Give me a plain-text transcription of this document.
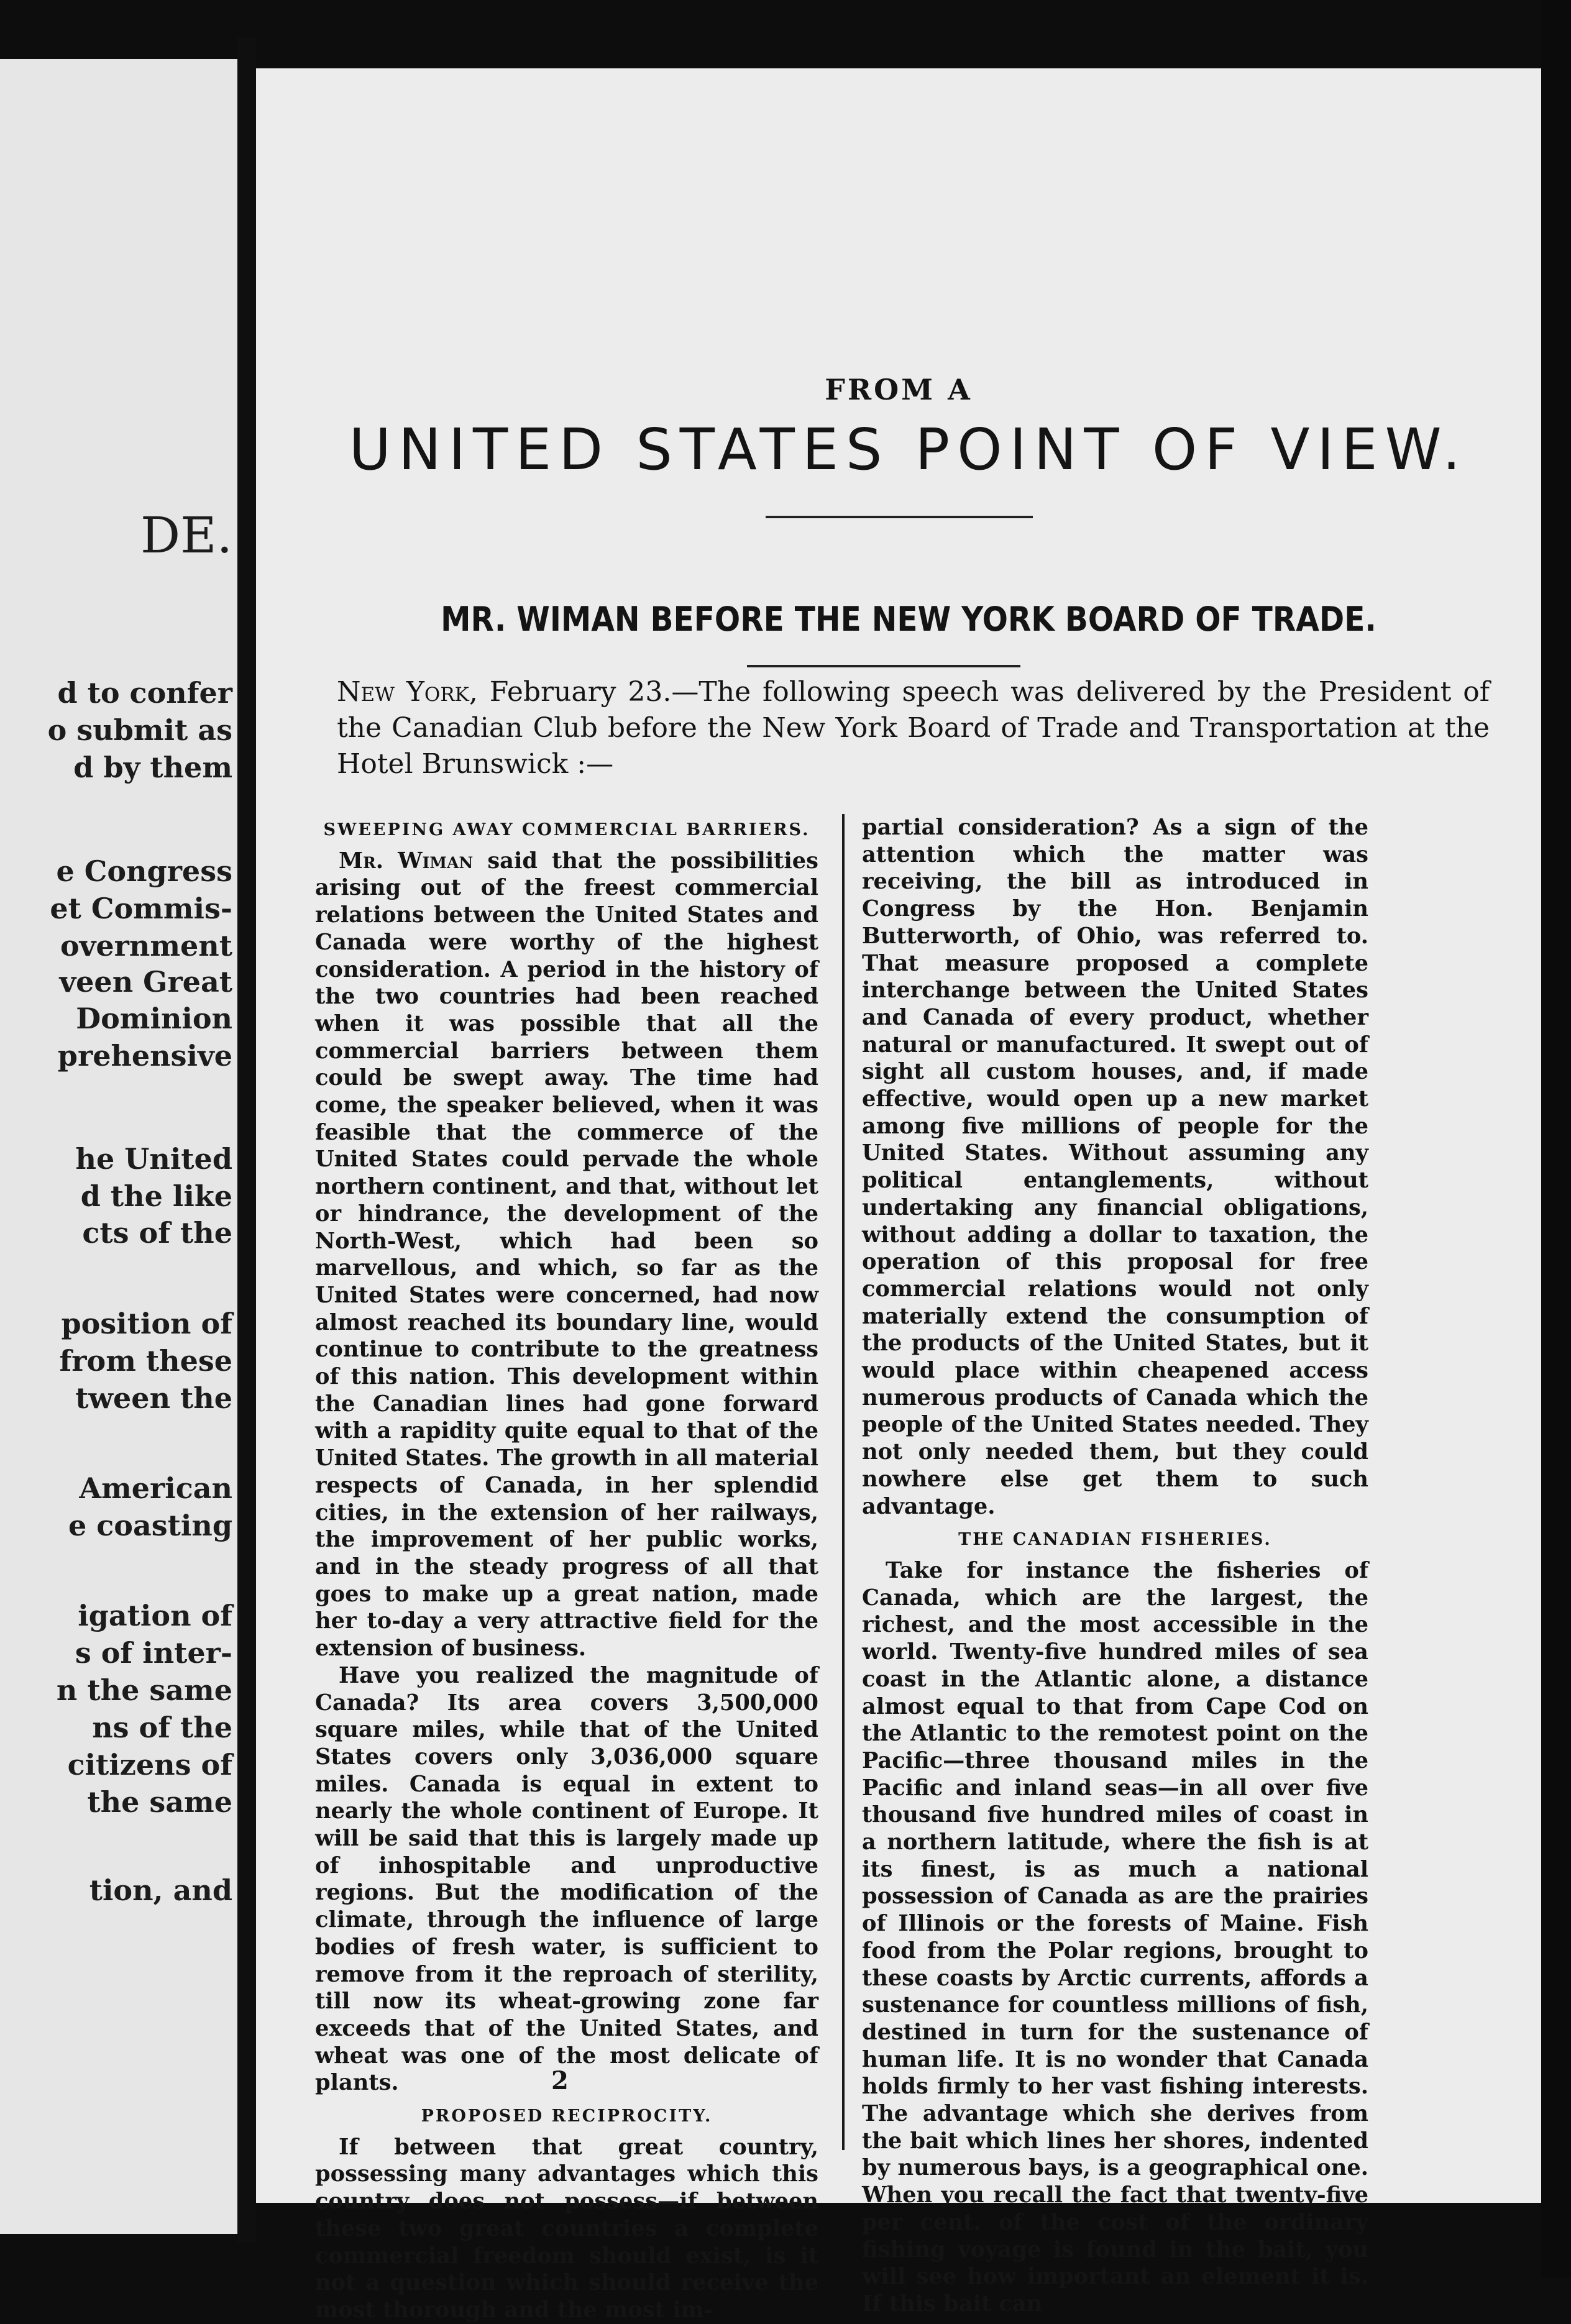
DE.
d to confer
o submit as
d by them
e Congress
et Commis-
overnment
veen Great
Dominion
prehensive
he United
d the like
cts of the
position of
from these
tween the
American
e coasting
igation of
s of inter-
n the same
ns of the
citizens of
the same
tion, and
FROM A
UNITED STATES POINT OF VIEW.
MR. WIMAN BEFORE THE NEW YORK BOARD OF TRADE.
New York, February 23.—The following speech was delivered by the President of the Canadian Club before the New York Board of Trade and Transportation at the Hotel Brunswick :—

SWEEPING AWAY COMMERCIAL BARRIERS.

Mr. Wiman said that the possibilities arising out of the freest commercial relations between the United States and Canada were worthy of the highest consideration. A period in the history of the two countries had been reached when it was possible that all the commercial barriers between them could be swept away. The time had come, the speaker believed, when it was feasible that the commerce of the United States could pervade the whole northern continent, and that, without let or hindrance, the development of the North-West, which had been so marvellous, and which, so far as the United States were concerned, had now almost reached its boundary line, would continue to contribute to the greatness of this nation. This development within the Canadian lines had gone forward with a rapidity quite equal to that of the United States. The growth in all material respects of Canada, in her splendid cities, in the extension of her railways, the improvement of her public works, and in the steady progress of all that goes to make up a great nation, made her to-day a very attractive field for the extension of business.

Have you realized the magnitude of Canada? Its area covers 3,500,000 square miles, while that of the United States covers only 3,036,000 square miles. Canada is equal in extent to nearly the whole continent of Europe. It will be said that this is largely made up of inhospitable and unproductive regions. But the modification of the climate, through the influence of large bodies of fresh water, is sufficient to remove from it the reproach of sterility, till now its wheat-growing zone far exceeds that of the United States, and wheat was one of the most delicate of plants.

PROPOSED RECIPROCITY.

If between that great country, possessing many advantages which this country does not possess—if between these two great countries a complete commercial freedom should exist, is it not a question which should receive the most thorough and the most im-

partial consideration? As a sign of the attention which the matter was receiving, the bill as introduced in Congress by the Hon. Benjamin Butterworth, of Ohio, was referred to. That measure proposed a complete interchange between the United States and Canada of every product, whether natural or manufactured. It swept out of sight all custom houses, and, if made effective, would open up a new market among five millions of people for the United States. Without assuming any political entanglements, without undertaking any financial obligations, without adding a dollar to taxation, the operation of this proposal for free commercial relations would not only materially extend the consumption of the products of the United States, but it would place within cheapened access numerous products of Canada which the people of the United States needed. They not only needed them, but they could nowhere else get them to such advantage.

THE CANADIAN FISHERIES.

Take for instance the fisheries of Canada, which are the largest, the richest, and the most accessible in the world. Twenty-five hundred miles of sea coast in the Atlantic alone, a distance almost equal to that from Cape Cod on the Atlantic to the remotest point on the Pacific—three thousand miles in the Pacific and inland seas—in all over five thousand five hundred miles of coast in a northern latitude, where the fish is at its finest, is as much a national possession of Canada as are the prairies of Illinois or the forests of Maine. Fish food from the Polar regions, brought to these coasts by Arctic currents, affords a sustenance for countless millions of fish, destined in turn for the sustenance of human life. It is no wonder that Canada holds firmly to her vast fishing interests. The advantage which she derives from the bait which lines her shores, indented by numerous bays, is a geographical one. When you recall the fact that twenty-five per cent. of the cost of the ordinary fishing voyage is found in the bait, you will see how important an element it is. If this bait can

2
